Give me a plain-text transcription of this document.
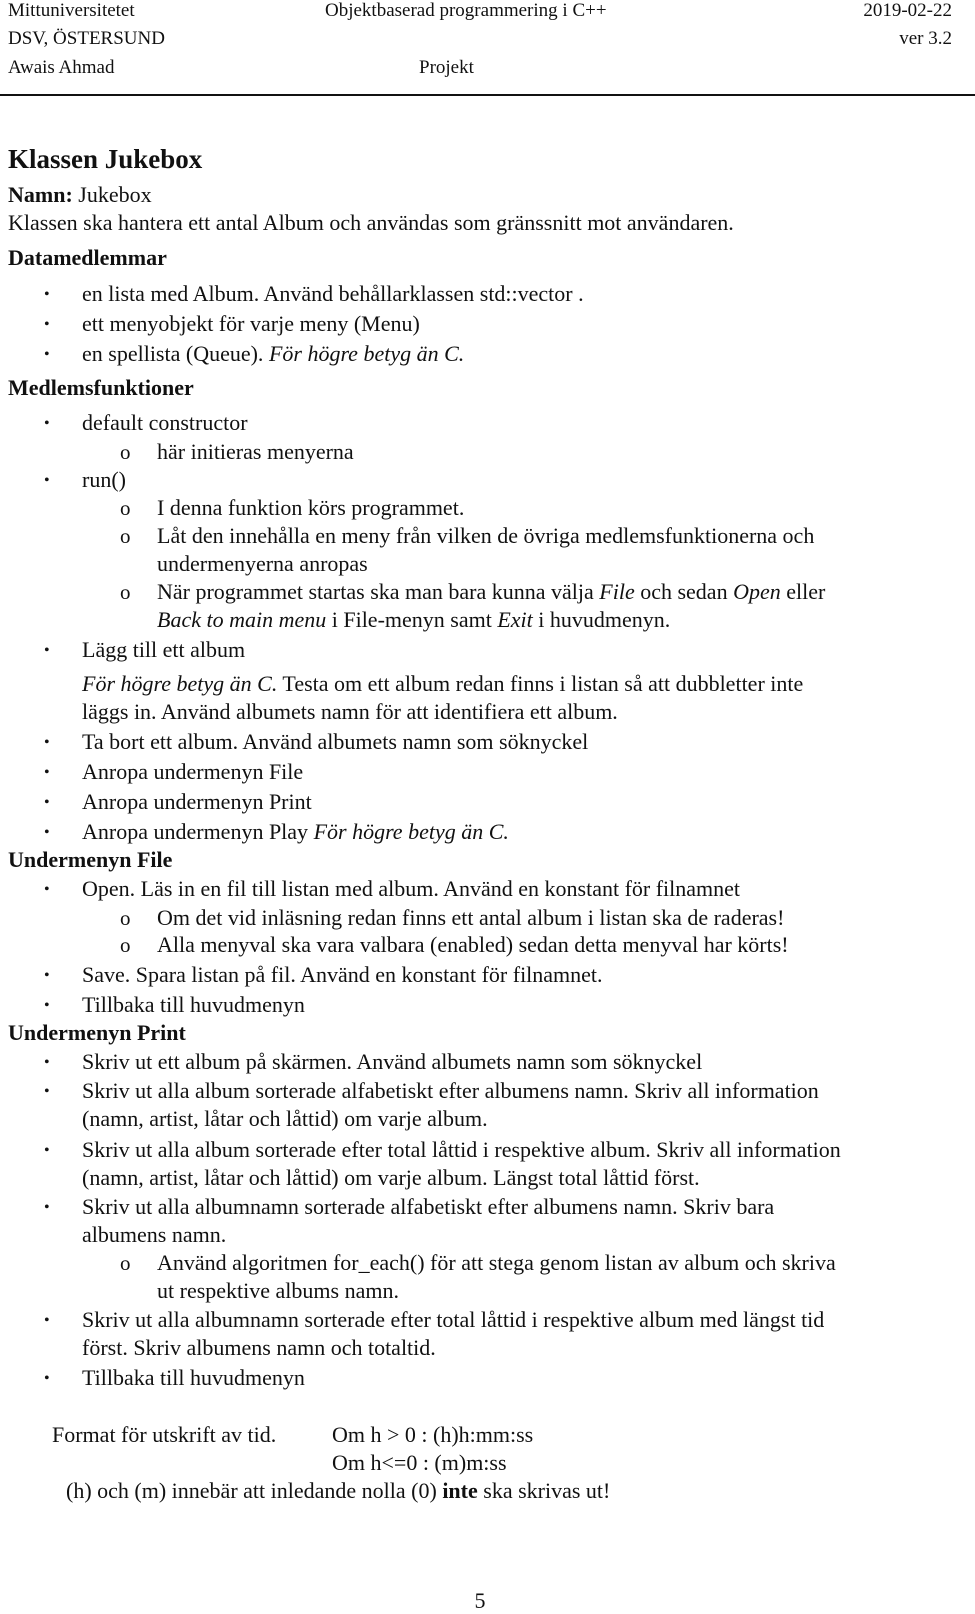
Mittuniversitetet
DSV, ÖSTERSUND
Awais Ahmad
Objektbaserad programmering i C++
Projekt
2019-02-22
ver 3.2
Klassen Jukebox
Namn: Jukebox
Klassen ska hantera ett antal Album och användas som gränssnitt mot användaren.
Datamedlemmar
• en lista med Album. Använd behållarklassen std::vector .
• ett menyobjekt för varje meny (Menu)
• en spellista (Queue). För högre betyg än C.
Medlemsfunktioner
• default constructor
o här initieras menyerna
• run()
o I denna funktion körs programmet.
o Låt den innehålla en meny från vilken de övriga medlemsfunktionerna och
undermenyerna anropas
o När programmet startas ska man bara kunna välja File och sedan Open eller
Back to main menu i File-menyn samt Exit i huvudmenyn.
• Lägg till ett album
För högre betyg än C. Testa om ett album redan finns i listan så att dubbletter inte
läggs in. Använd albumets namn för att identifiera ett album.
• Ta bort ett album. Använd albumets namn som söknyckel
• Anropa undermenyn File
• Anropa undermenyn Print
• Anropa undermenyn Play För högre betyg än C.
Undermenyn File
• Open. Läs in en fil till listan med album. Använd en konstant för filnamnet
o Om det vid inläsning redan finns ett antal album i listan ska de raderas!
o Alla menyval ska vara valbara (enabled) sedan detta menyval har körts!
• Save. Spara listan på fil. Använd en konstant för filnamnet.
• Tillbaka till huvudmenyn
Undermenyn Print
• Skriv ut ett album på skärmen. Använd albumets namn som söknyckel
• Skriv ut alla album sorterade alfabetiskt efter albumens namn. Skriv all information
(namn, artist, låtar och låttid) om varje album.
• Skriv ut alla album sorterade efter total låttid i respektive album. Skriv all information
(namn, artist, låtar och låttid) om varje album. Längst total låttid först.
• Skriv ut alla albumnamn sorterade alfabetiskt efter albumens namn. Skriv bara
albumens namn.
o Använd algoritmen for_each() för att stega genom listan av album och skriva
ut respektive albums namn.
• Skriv ut alla albumnamn sorterade efter total låttid i respektive album med längst tid
först. Skriv albumens namn och totaltid.
• Tillbaka till huvudmenyn
Format för utskrift av tid.	Om h > 0 : (h)h:mm:ss
Om h<=0 : (m)m:ss
(h) och (m) innebär att inledande nolla (0) inte ska skrivas ut!
5
